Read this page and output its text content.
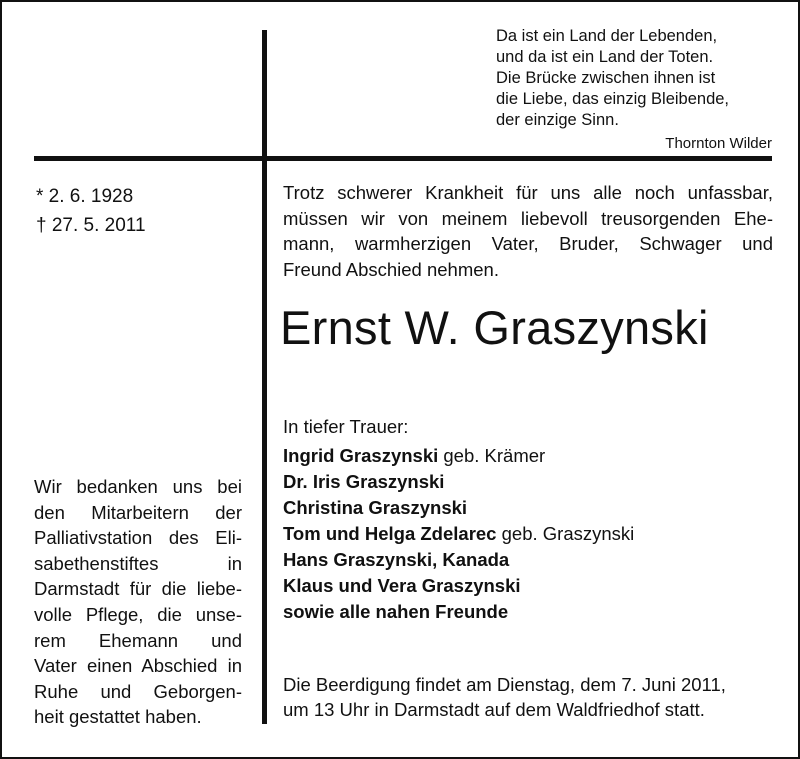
Da ist ein Land der Lebenden,
und da ist ein Land der Toten.
Die Brücke zwischen ihnen ist
die Liebe, das einzig Bleibende,
der einzige Sinn.
Thornton Wilder
* 2. 6. 1928
† 27. 5. 2011
Trotz schwerer Krankheit für uns alle noch unfassbar,
müssen wir von meinem liebevoll treusorgenden Ehe-
mann, warmherzigen Vater, Bruder, Schwager und
Freund Abschied nehmen.
Ernst W. Graszynski
In tiefer Trauer:
Ingrid Graszynski geb. Krämer
Dr. Iris Graszynski
Christina Graszynski
Tom und Helga Zdelarec geb. Graszynski
Hans Graszynski, Kanada
Klaus und Vera Graszynski
sowie alle nahen Freunde
Wir bedanken uns bei
den Mitarbeitern der
Palliativstation des Eli-
sabethenstiftes in
Darmstadt für die liebe-
volle Pflege, die unse-
rem Ehemann und
Vater einen Abschied in
Ruhe und Geborgen-
heit gestattet haben.
Die Beerdigung findet am Dienstag, dem 7. Juni 2011,
um 13 Uhr in Darmstadt auf dem Waldfriedhof statt.
